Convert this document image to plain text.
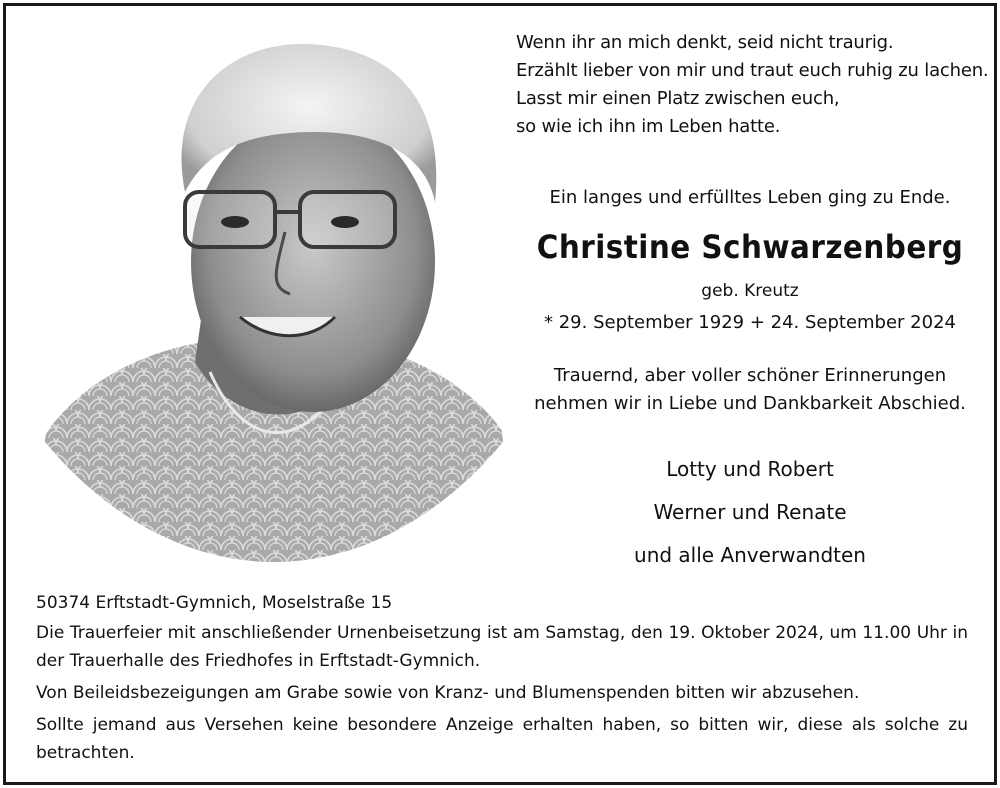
Wenn ihr an mich denkt, seid nicht traurig.
Erzählt lieber von mir und traut euch ruhig zu lachen.
Lasst mir einen Platz zwischen euch,
so wie ich ihn im Leben hatte.
Ein langes und erfülltes Leben ging zu Ende.
Christine Schwarzenberg
geb. Kreutz
* 29. September 1929 + 24. September 2024
Trauernd, aber voller schöner Erinnerungen
nehmen wir in Liebe und Dankbarkeit Abschied.
Lotty und Robert
Werner und Renate
und alle Anverwandten

50374 Erftstadt-Gymnich, Moselstraße 15

Die Trauerfeier mit anschließender Urnenbeisetzung ist am Samstag, den 19. Oktober 2024, um 11.00 Uhr in der Trauerhalle des Friedhofes in Erftstadt-Gymnich.

Von Beileidsbezeigungen am Grabe sowie von Kranz- und Blumenspenden bitten wir abzusehen.

Sollte jemand aus Versehen keine besondere Anzeige erhalten haben, so bitten wir, diese als solche zu betrachten.
